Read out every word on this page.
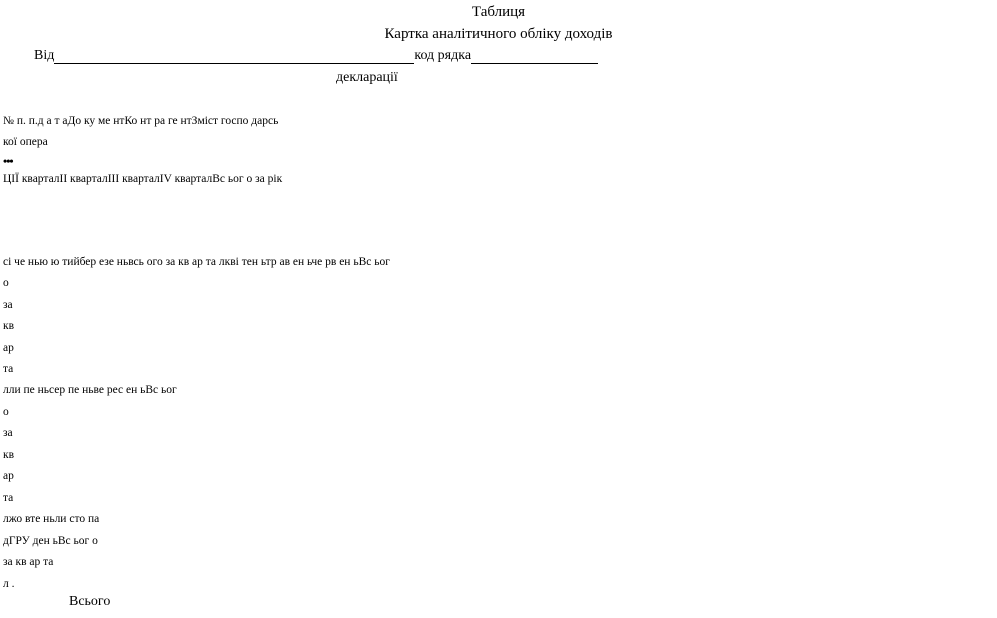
Таблиця
Картка аналітичного обліку доходів
Від	код рядка
декларації
№ п. п.д а т аДо ку ме нтКо нт ра ге нтЗміст госпо дарсь
кої опера
•••
ЦІЇ кварталІІ кварталІІІ кварталІV кварталВс ьог о за рік
сі че нью ю тийбер езе ньвсь ого за кв ар та лкві тен ьтр ав ен ьче рв ен ьВс ьог
о
за
кв
ар
та
лли пе ньсер пе ньве рес ен ьВс ьог
о
за
кв
ар
та
лжо вте ньли сто па
дГРУ ден ьВс ьог о
за кв ар та
л .
Всього
